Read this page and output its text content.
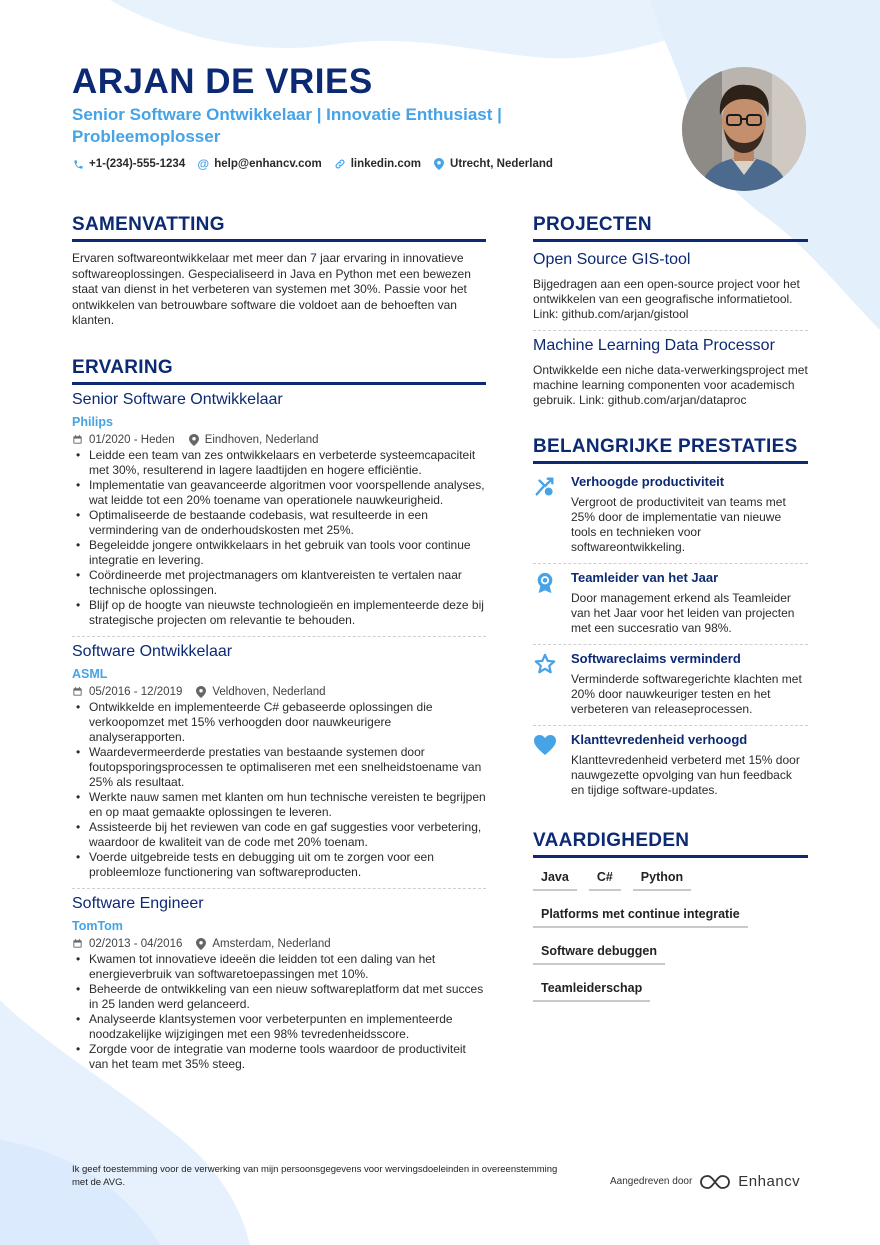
ARJAN DE VRIES
Senior Software Ontwikkelaar | Innovatie Enthusiast | Probleemoplosser
+1-(234)-555-1234 @ help@enhancv.com	linkedin.com	Utrecht, Nederland
SAMENVATTING
Ervaren softwareontwikkelaar met meer dan 7 jaar ervaring in innovatieve softwareoplossingen. Gespecialiseerd in Java en Python met een bewezen staat van dienst in het verbeteren van systemen met 30%. Passie voor het ontwikkelen van betrouwbare software die voldoet aan de behoeften van klanten.
ERVARING
Senior Software Ontwikkelaar
Philips
01/2020 - Heden	Eindhoven, Nederland
• Leidde een team van zes ontwikkelaars en verbeterde systeemcapaciteit met 30%, resulterend in lagere laadtijden en hogere efficiëntie.
• Implementatie van geavanceerde algoritmen voor voorspellende analyses, wat leidde tot een 20% toename van operationele nauwkeurigheid.
• Optimaliseerde de bestaande codebasis, wat resulteerde in een vermindering van de onderhoudskosten met 25%.
• Begeleidde jongere ontwikkelaars in het gebruik van tools voor continue integratie en levering.
• Coördineerde met projectmanagers om klantvereisten te vertalen naar technische oplossingen.
• Blijf op de hoogte van nieuwste technologieën en implementeerde deze bij strategische projecten om relevantie te behouden.
Software Ontwikkelaar
ASML
05/2016 - 12/2019	Veldhoven, Nederland
• Ontwikkelde en implementeerde C# gebaseerde oplossingen die verkoopomzet met 15% verhoogden door nauwkeurigere analyserapporten.
• Waardevermeerderde prestaties van bestaande systemen door foutopsporingsprocessen te optimaliseren met een snelheidstoename van 25% als resultaat.
• Werkte nauw samen met klanten om hun technische vereisten te begrijpen en op maat gemaakte oplossingen te leveren.
• Assisteerde bij het reviewen van code en gaf suggesties voor verbetering, waardoor de kwaliteit van de code met 20% toenam.
• Voerde uitgebreide tests en debugging uit om te zorgen voor een probleemloze functionering van softwareproducten.
Software Engineer
TomTom
02/2013 - 04/2016	Amsterdam, Nederland
• Kwamen tot innovatieve ideeën die leidden tot een daling van het energieverbruik van softwaretoepassingen met 10%.
• Beheerde de ontwikkeling van een nieuw softwareplatform dat met succes in 25 landen werd gelanceerd.
• Analyseerde klantsystemen voor verbeterpunten en implementeerde noodzakelijke wijzigingen met een 98% tevredenheidsscore.
• Zorgde voor de integratie van moderne tools waardoor de productiviteit van het team met 35% steeg.
PROJECTEN
Open Source GIS-tool
Bijgedragen aan een open-source project voor het ontwikkelen van een geografische informatietool. Link: github.com/arjan/gistool
Machine Learning Data Processor
Ontwikkelde een niche data-verwerkingsproject met machine learning componenten voor academisch gebruik. Link: github.com/arjan/dataproc
BELANGRIJKE PRESTATIES
Verhoogde productiviteit
Vergroot de productiviteit van teams met 25% door de implementatie van nieuwe tools en technieken voor softwareontwikkeling.
Teamleider van het Jaar
Door management erkend als Teamleider van het Jaar voor het leiden van projecten met een succesratio van 98%.
Softwareclaims verminderd
Verminderde softwaregerichte klachten met 20% door nauwkeuriger testen en het verbeteren van releaseprocessen.
Klanttevredenheid verhoogd
Klanttevredenheid verbeterd met 15% door nauwgezette opvolging van hun feedback en tijdige software-updates.
VAARDIGHEDEN
Java	C#	Python
Platforms met continue integratie
Software debuggen
Teamleiderschap
Ik geef toestemming voor de verwerking van mijn persoonsgegevens voor wervingsdoeleinden in overeenstemming met de AVG.	Aangedreven door	Enhancv
